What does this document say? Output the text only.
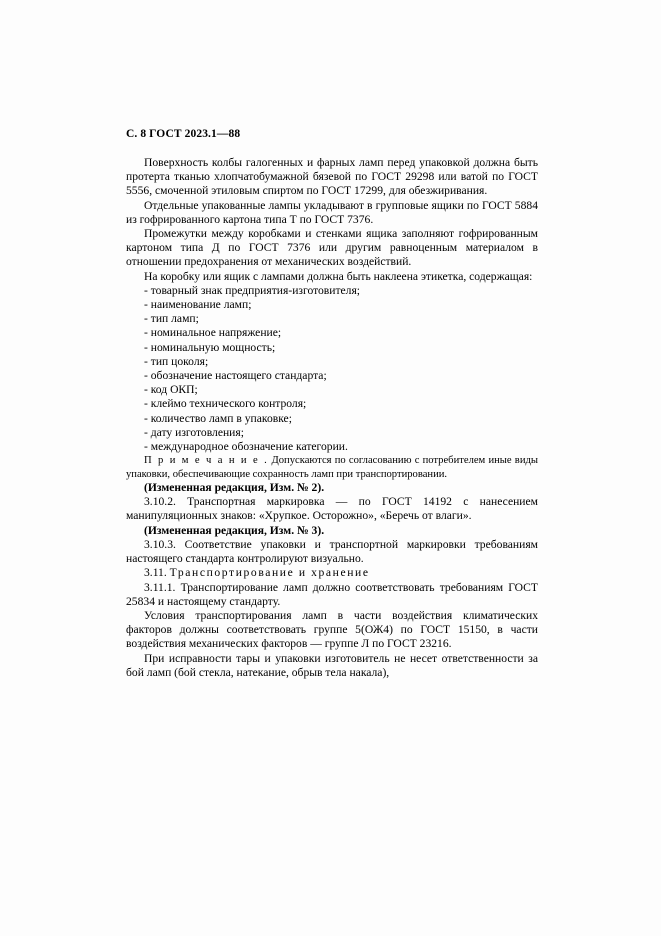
С. 8 ГОСТ 2023.1—88

Поверхность колбы галогенных и фарных ламп перед упаковкой должна быть протерта тканью хлопчатобумажной бязевой по ГОСТ 29298 или ватой по ГОСТ 5556, смоченной этиловым спиртом по ГОСТ 17299, для обезжиривания.

Отдельные упакованные лампы укладывают в групповые ящики по ГОСТ 5884 из гофрированного картона типа Т по ГОСТ 7376.

Промежутки между коробками и стенками ящика заполняют гофрированным картоном типа Д по ГОСТ 7376 или другим равноценным материалом в отношении предохранения от механических воздействий.

На коробку или ящик с лампами должна быть наклеена этикетка, содержащая:

- товарный знак предприятия-изготовителя;
- наименование ламп;
- тип ламп;
- номинальное напряжение;
- номинальную мощность;
- тип цоколя;
- обозначение настоящего стандарта;
- код ОКП;
- клеймо технического контроля;
- количество ламп в упаковке;
- дату изготовления;
- международное обозначение категории.

П р и м е ч а н и е . Допускаются по согласованию с потребителем иные виды упаковки, обеспечивающие сохранность ламп при транспортировании.

(Измененная редакция, Изм. № 2).

3.10.2. Транспортная маркировка — по ГОСТ 14192 с нанесением манипуляционных знаков: «Хрупкое. Осторожно», «Беречь от влаги».

(Измененная редакция, Изм. № 3).

3.10.3. Соответствие упаковки и транспортной маркировки требованиям настоящего стандарта контролируют визуально.

3.11. Транспортирование и хранение

3.11.1. Транспортирование ламп должно соответствовать требованиям ГОСТ 25834 и настоящему стандарту.

Условия транспортирования ламп в части воздействия климатических факторов должны соответствовать группе 5(ОЖ4) по ГОСТ 15150, в части воздействия механических факторов — группе Л по ГОСТ 23216.

При исправности тары и упаковки изготовитель не несет ответственности за бой ламп (бой стекла, натекание, обрыв тела накала),
